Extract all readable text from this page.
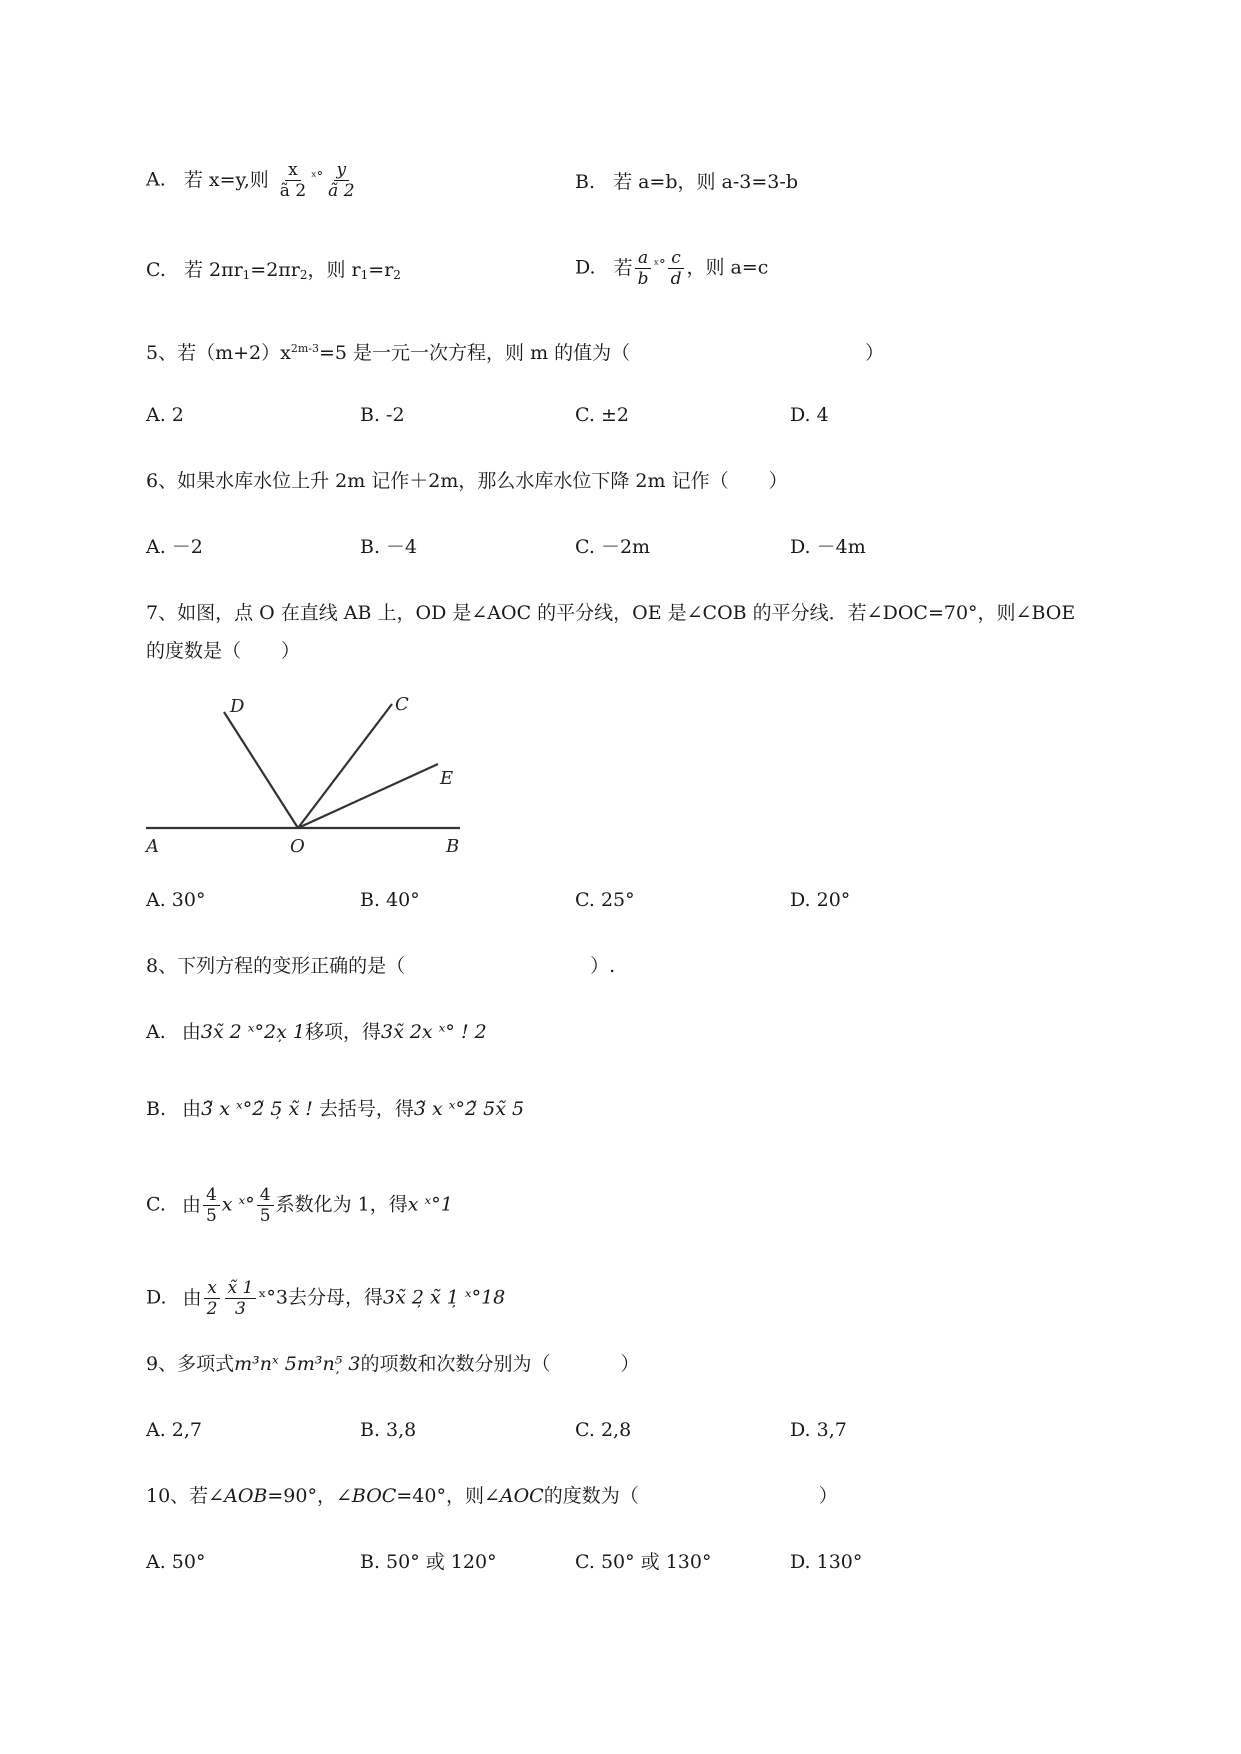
A. 若 x=y,则 $\frac{x}{ã 2} ^{ˣ^\circ} \frac{y}{ã 2}$	B. 若 a=b，则 a-3=3-b
C. 若 $2\pi r_1=2\pi r_2$，则 $r_1=r_2$	D. 若 $\frac{a}{b} ^{ˣ^\circ} \frac{c}{d}$ ，则 a=c
5、若$(m+2)x^{2m-3}=5$ 是一元一次方程，则 m 的值为（	）
A. 2	B. -2	C. ±2	D. 4
6、如果水库水位上升 2m 记作＋2m，那么水库水位下降 2m 记作（ ）
A. －2	B. －4	C. －2m	D. －4m
7、如图，点 O 在直线 AB 上，OD 是∠AOC 的平分线，OE 是∠COB 的平分线．若∠DOC=70°，则∠BOE
的度数是（ ）
D	C
E
A	O	B
A. 30°	B. 40°	C. 25°	D. 20°
8、下列方程的变形正确的是（	）.
A. 由3x̃ 2 ˣ°2x̦ 1移项，得3x̃ 2x ˣ° ! 2
B. 由3̃ x ˣ°2̃ 5̦ x̃ ! 去括号，得3̃ x ˣ°2̃ 5x̃ 5
C. 由 $\frac{4}{5}$ x ˣ° $\frac{4}{5}$ 系数化为 1，得x ˣ°1
D. 由 $\frac{x}{2} \frac{x̃ 1}{3}$ ˣ°3去分母，得3x̃ 2̦ x̃ 1̦ ˣ°18
9、多项式m³nˣ 5m³n⁵̦ 3的项数和次数分别为（	）
A. 2,7	B. 3,8	C. 2,8	D. 3,7
10、若∠AOB=90°，∠BOC=40°，则∠AOC的度数为（	）
A. 50°	B. 50° 或 120°	C. 50° 或 130°	D. 130°
